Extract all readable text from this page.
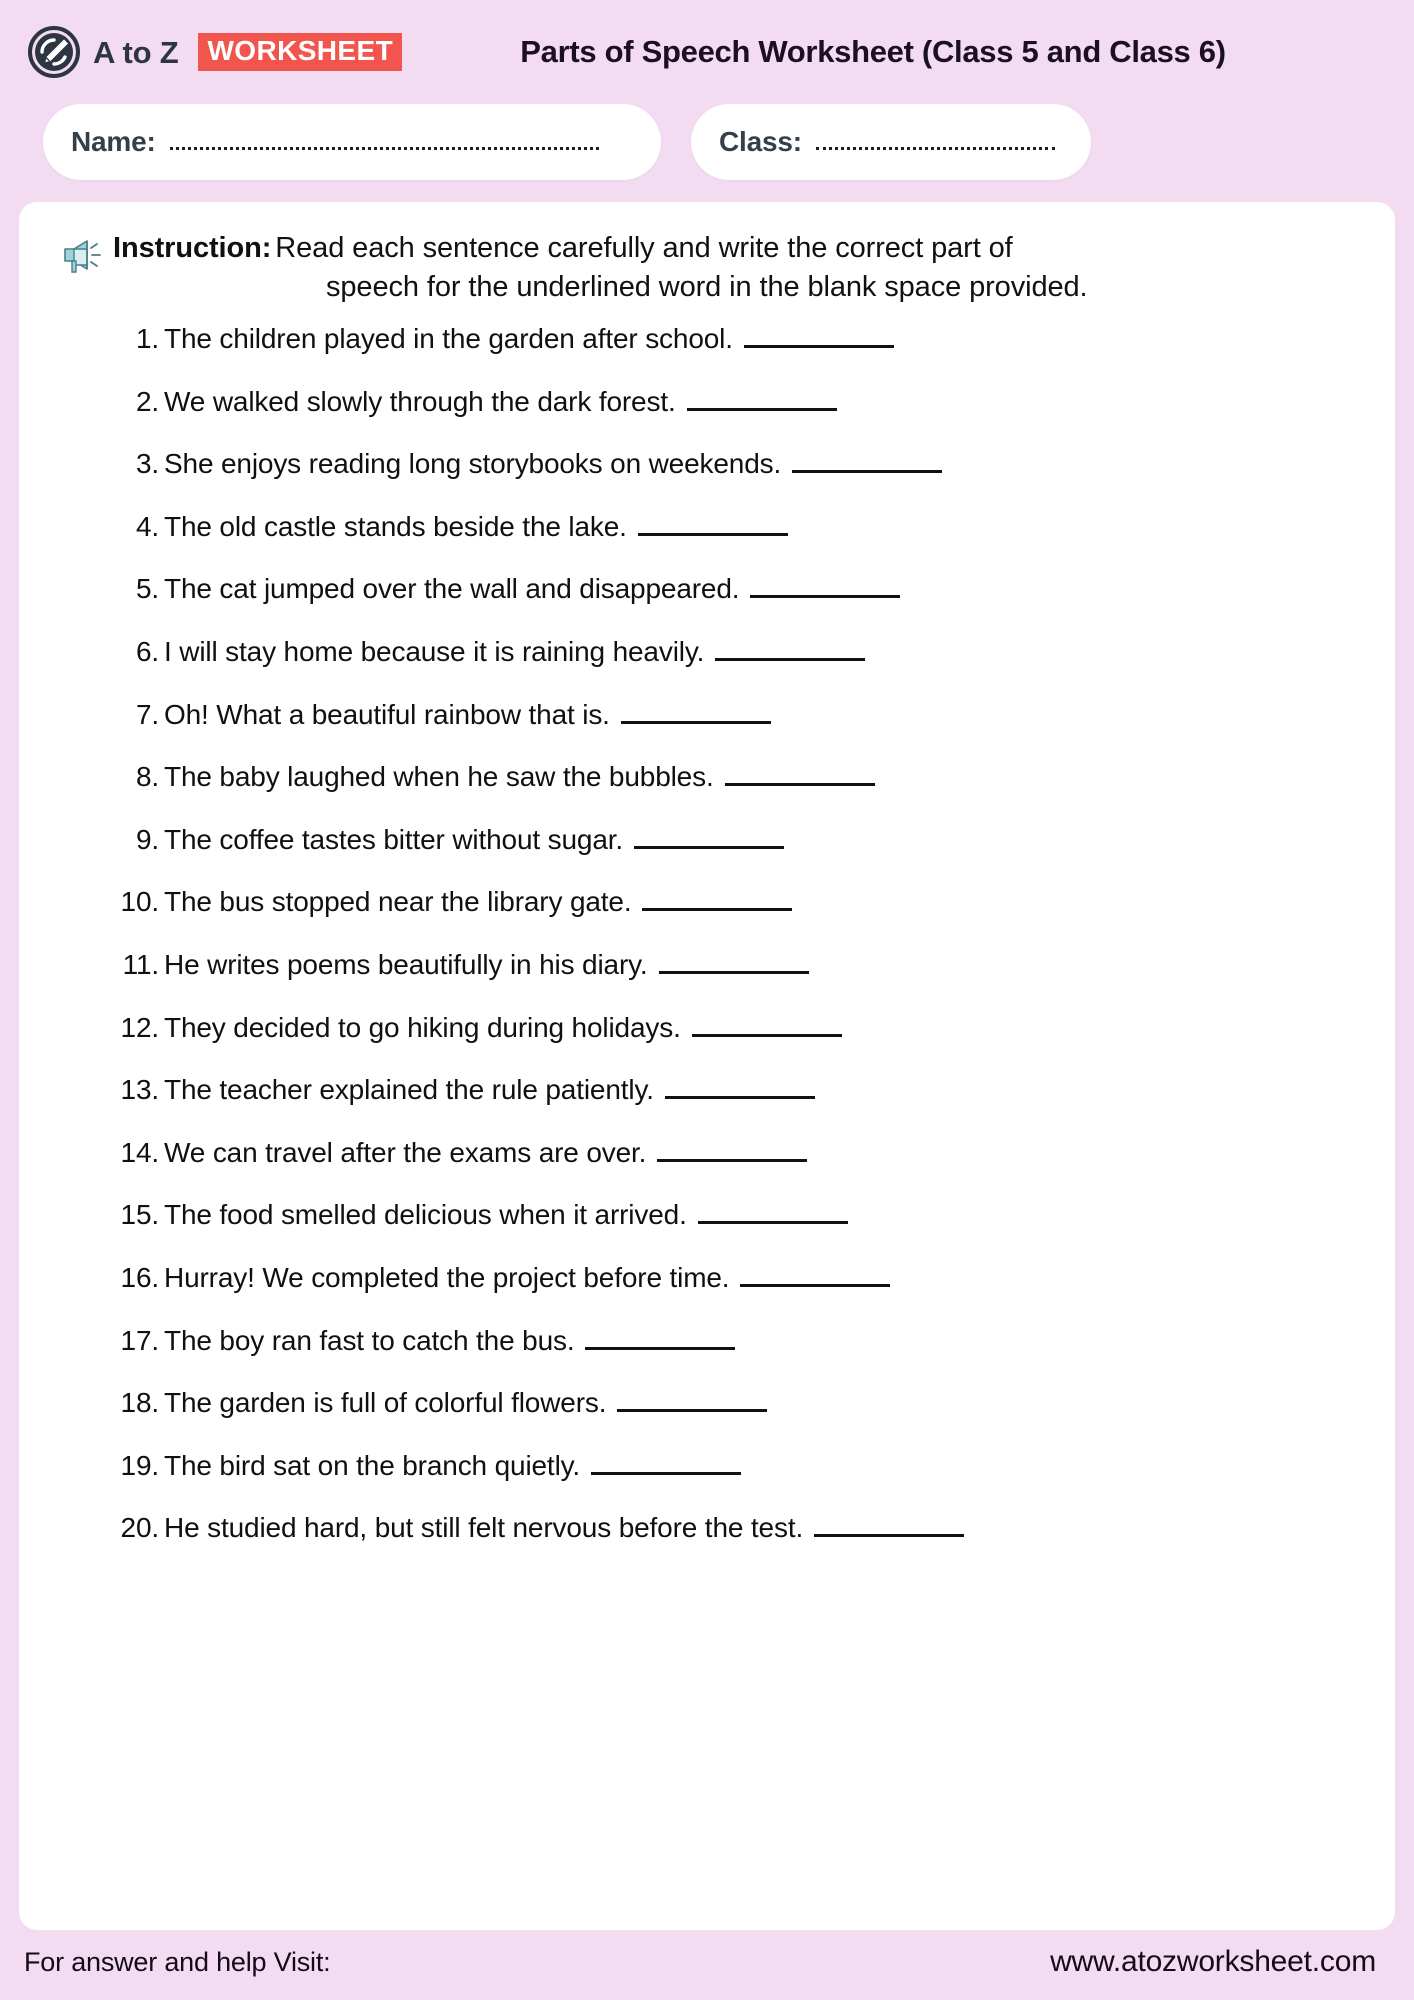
A to Z	WORKSHEET	Parts of Speech Worksheet (Class 5 and Class 6)
Name:	Class:
Instruction: Read each sentence carefully and write the correct part of
speech for the underlined word in the blank space provided.
1. The children played in the garden after school.
2. We walked slowly through the dark forest.
3. She enjoys reading long storybooks on weekends.
4. The old castle stands beside the lake.
5. The cat jumped over the wall and disappeared.
6. I will stay home because it is raining heavily.
7. Oh! What a beautiful rainbow that is.
8. The baby laughed when he saw the bubbles.
9. The coffee tastes bitter without sugar.
10. The bus stopped near the library gate.
11. He writes poems beautifully in his diary.
12. They decided to go hiking during holidays.
13. The teacher explained the rule patiently.
14. We can travel after the exams are over.
15. The food smelled delicious when it arrived.
16. Hurray! We completed the project before time.
17. The boy ran fast to catch the bus.
18. The garden is full of colorful flowers.
19. The bird sat on the branch quietly.
20. He studied hard, but still felt nervous before the test.
For answer and help Visit:	www.atozworksheet.com
